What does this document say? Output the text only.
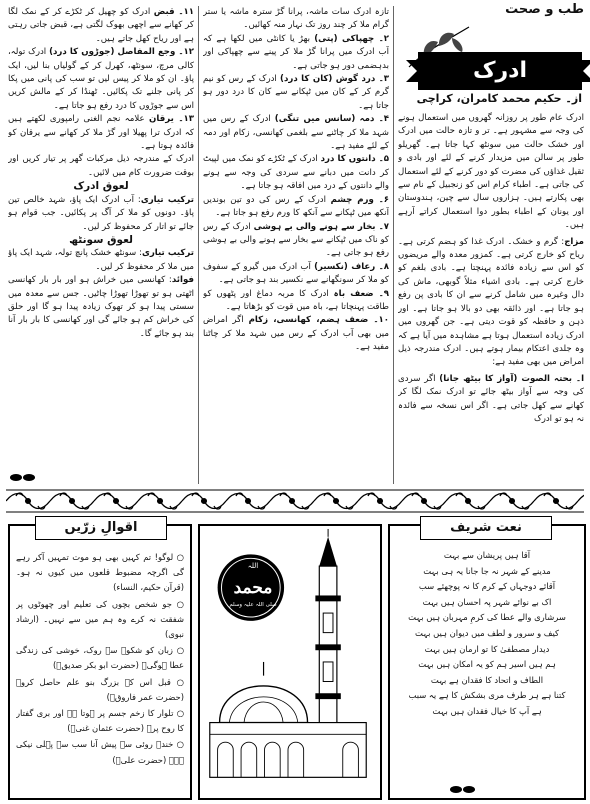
طب و صحت
ادرک
از۔ حکیم محمد کامران، کراچی
ادرک عام طور پر روزانہ گھروں میں استعمال ہونے کی وجہ سے مشہور ہے۔ تر و تازہ حالت میں ادرک اور خشک حالت میں سونٹھ کہا جاتا ہے۔ گھریلو طور پر سالن میں مزیدار کرنے کے لئے اور بادی و ثقیل غذاؤں کی مضرت کو دور کرنے کے لئے استعمال کی جاتی ہے۔ اطباء کرام اس کو زنجبیل کے نام سے بھی پکارتے ہیں۔ ہزاروں سال سے چین، ہندوستان اور یونان کے اطباء بطور دوا استعمال کراتے آرہے ہیں۔
مزاج: گرم و خشک۔ ادرک غذا کو ہضم کرتی ہے۔ ریاح کو خارج کرتی ہے۔ کمزور معدہ والے مریضوں کو اس سے زیادہ فائدہ پہنچتا ہے۔ بادی بلغم کو خارج کرتی ہے۔ بادی اشیاء مثلاً گوبھی، ماش کی دال وغیرہ میں شامل کرنے سے ان کا بادی پن رفع ہو جاتا ہے۔ اور ذائقہ بھی دو بالا ہو جاتا ہے۔ اور ذہن و حافظہ کو قوت دیتی ہے۔ جن گھروں میں ادرک زیادہ استعمال ہوتا ہے مشاہدہ میں آیا ہے کہ وہ جلدی اعتکام بیمار ہوتے ہیں۔ ادرک مندرجہ ذیل امراض میں بھی مفید ہے:
ا۔ بحتہ الصوت (آواز کا بیٹھ جانا) اگر سردی کی وجہ سے آواز بیٹھ جائے تو ادرک نمک لگا کر کھانے سے کھل جاتی ہے۔ اگر اس نسخہ سے فائدہ نہ ہو تو ادرک
تازہ ادرک سات ماشہ، پرانا گڑ سترہ ماشہ یا ستر گرام ملا کر چند روز تک نہار منہ کھائیں۔
۲۔ چھپاکی (پتی) بھڑ یا کانٹی میں لکھا ہے کہ آب ادرک میں پرانا گڑ ملا کر پینے سے چھپاکی اور بدہضمی دور ہو جاتی ہے۔
۳۔ درد گوش (کان کا درد) ادرک کے رس کو نیم گرم کر کے کان میں ٹپکانے سے کان کا درد دور ہو جاتا ہے۔
۴۔ دمہ (سانس میں تنگی) ادرک کے رس میں شہد ملا کر چاٹنے سے بلغمی کھانسی، زکام اور دمہ کے لئے مفید ہے۔
۵۔ دانتوں کا درد ادرک کے ٹکڑے کو نمک میں لپیٹ کر دانت میں دبانے سے سردی کی وجہ سے ہونے والے دانتوں کے درد میں افاقہ ہو جاتا ہے۔
۶۔ ورم چشم ادرک کے رس کی دو تین بوندیں آنکھ میں ٹپکانے سے آنکھ کا ورم رفع ہو جاتا ہے۔
۷۔ بخار سے ہونے والی بے ہوشی ادرک کے رس کو ناک میں ٹپکانے سے بخار سے ہونے والی بے ہوشی رفع ہو جاتی ہے۔
۸۔ رعاف (نکسیر) آب ادرک میں گیرو کے سفوف کو ملا کر سونگھانے سے نکسیر بند ہو جاتی ہے۔
۹۔ ضعف باہ ادرک کا مربہ دماغ اور پٹھوں کو طاقت پہنچاتا ہے، باہ میں قوت کو بڑھاتا ہے۔
۱۰۔ ضعف ہضم، کھانسی، زکام اگر امراض میں بھی آب ادرک کے رس میں شہد ملا کر چاٹنا مفید ہے۔
۱۱۔ قبض ادرک کو چھیل کر ٹکڑے کر کے نمک لگا کر کھانے سے اچھی بھوک لگتی ہے، قبض جاتی رہتی ہے اور ریاح کھل جاتے ہیں۔
۱۲۔ وجع المفاصل (جوڑوں کا درد) ادرک تولہ، کالی مرچ، سونٹھ، کھرل کر کے گولیاں بنا لیں، ایک پاؤ۔ ان کو ملا کر پیس لیں تو سب کی پانی میں پکا کر پانی جلنے تک پکائیں۔ ٹھنڈا کر کے مالش کریں اس سے جوڑوں کا درد رفع ہو جاتا ہے۔
۱۳۔ یرقان علامہ نجم الغنی رامپوری لکھتے ہیں کہ ادرک ترا پھیلا اور گڑ ملا کر کھانے سے یرقان کو فائدہ ہوتا ہے۔
ادرک کے مندرجہ ذیل مرکبات گھر پر تیار کریں اور بوقت ضرورت کام میں لائیں۔
لعوق ادرک
ترکیب تیاری: آب ادرک ایک پاؤ، شہد خالص تین پاؤ۔ دونوں کو ملا کر آگ پر پکائیں۔ جب قوام ہو جائے تو اتار کر محفوظ کر لیں۔
لعوق سونٹھ
ترکیب تیاری: سونٹھ خشک پانچ تولہ، شہد ایک پاؤ میں ملا کر محفوظ کر لیں۔
فوائد: کھانسی میں خراش ہو اور بار بار کھانسی اٹھتی ہو تو تھوڑا تھوڑا چاٹیں۔ جس سے معدہ میں سستی پیدا ہو کر تھوک زیادہ پیدا ہو گا اور حلق کی خراش کم ہو جائے گی اور کھانسی کا بار بار آنا بند ہو جائے گا۔
نعت شریف
آقا ہیں پریشان سے بہت
مدینے کے شہر نہ جا جانا یہ ہی بہت
آقائے دوجہاں کے کرم کا نہ پوچھئے سب
اک بے نوائے شہر پہ احسان ہیں بہت
سرشاری والے عطا کی کرمِ مہربان ہیں بہت
کیف و سرور و لطف میں دیوان ہیں بہت
دیدار مصطفیٰ کا تو ارمان ہیں بہت
ہم ہیں اسیر ہم کو یہ امکان ہیں بہت
الطاف و اتحاد کا فقدان ہے بہت
کتنا ہے ہر طرف مری بشکش کا ہے یہ سبب
ہے آپ کا خیال فقدان ہیں بہت
محمد
صلی اللہ علیہ وسلم
اللہ
اقوالِ زرّیں

○ لوگو! تم کہیں بھی ہو موت تمہیں آکر رہے گی اگرچہ مضبوط قلعوں میں کیوں نہ ہو۔ (قرآن حکیم، النساء)

○ جو شخص بچوں کی تعلیم اور چھوٹوں پر شفقت نہ کرے وہ ہم میں سے نہیں۔ (ارشاد نبوی)

○ زبان کو شکوہ سے روک، خوشی کی زندگی عطا ہوگی۔ (حضرت ابو بکر صدیقؓ)

○ قبل اس کے بزرگ بنو علم حاصل کرو۔ (حضرت عمر فاروقؓ)

○ تلوار کا زخم جسم پر ہوتا ہے اور بری گفتار کا روح پر۔ (حضرت عثمان غنیؓ)

○ خندہ روئی سے پیش آنا سب سے پہلی نیکی ہے۔ (حضرت علیؓ)
